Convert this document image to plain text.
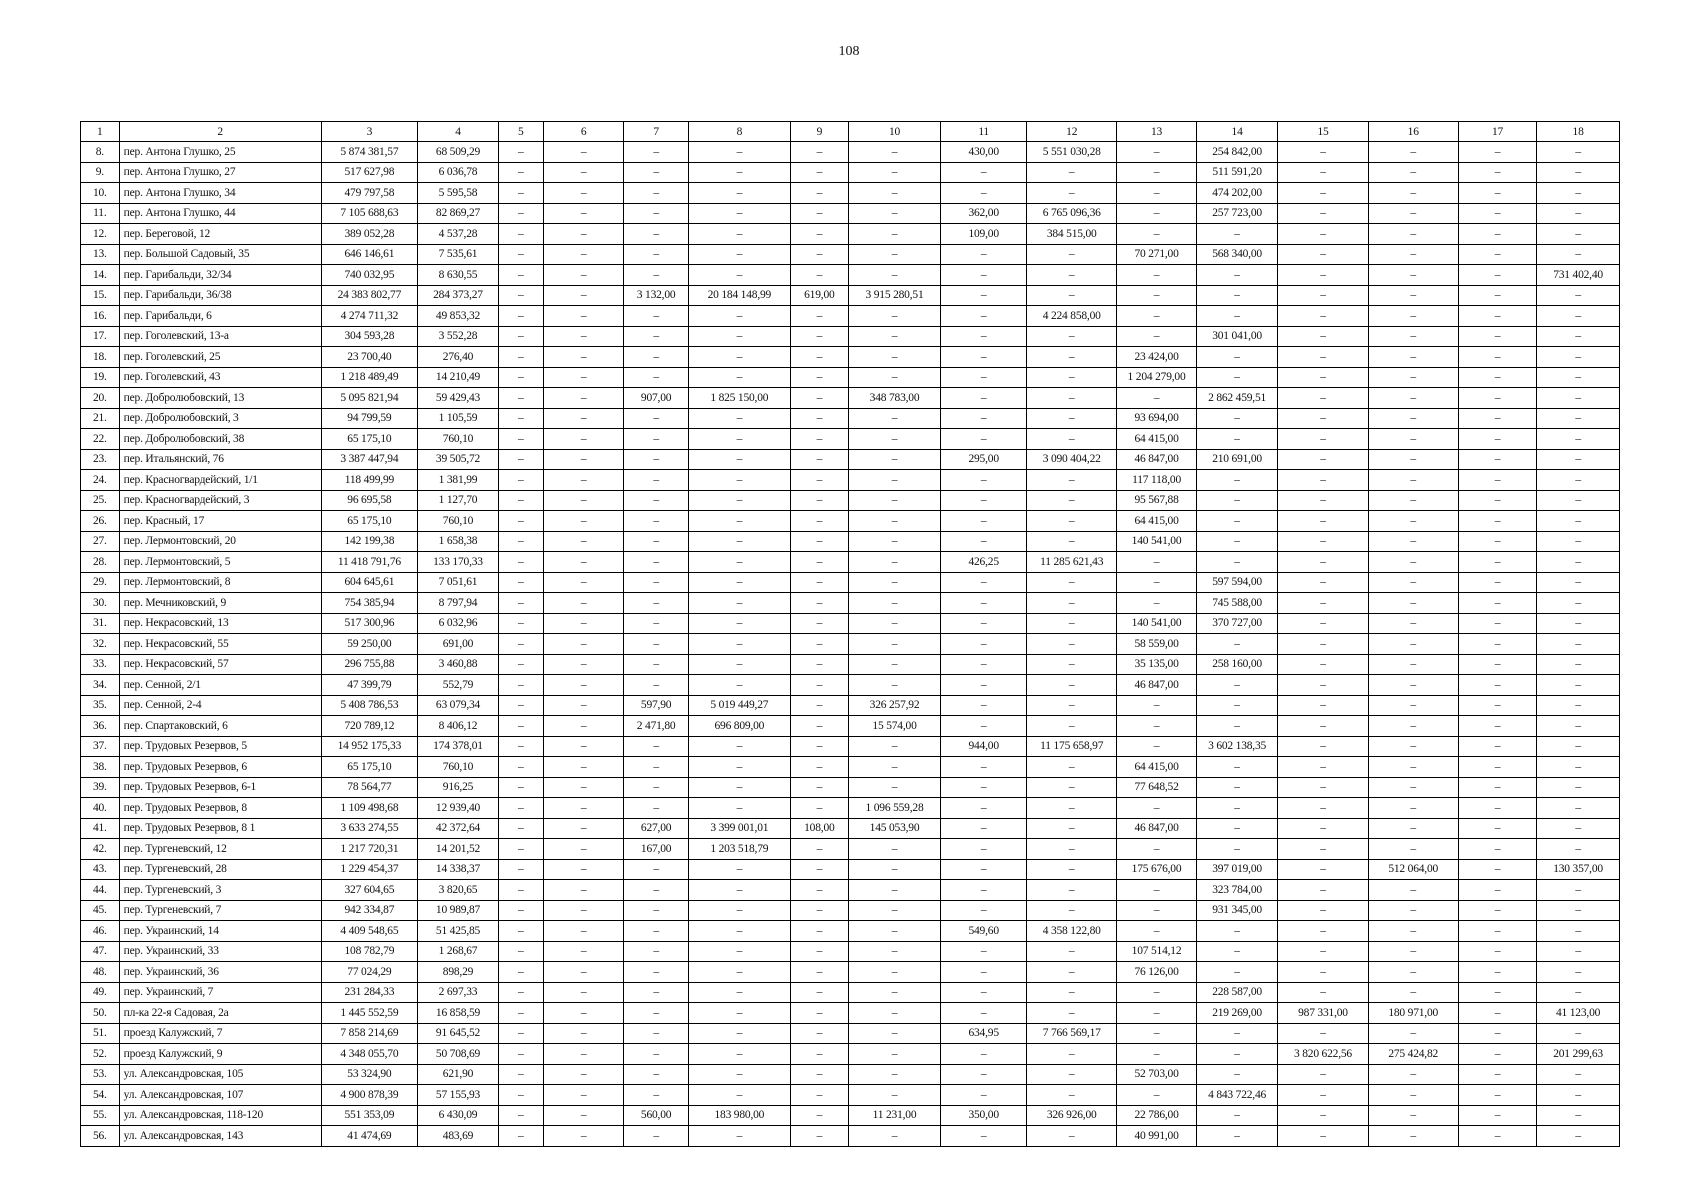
108
1	2	3	4	5	6	7	8	9	10	11	12	13	14	15	16	17	18
8.	пер. Антона Глушко, 25	5 874 381,57	68 509,29	–	–	–	–	–	–	430,00	5 551 030,28	–	254 842,00	–	–	–	–
9.	пер. Антона Глушко, 27	517 627,98	6 036,78	–	–	–	–	–	–	–	–	–	511 591,20	–	–	–	–
10.	пер. Антона Глушко, 34	479 797,58	5 595,58	–	–	–	–	–	–	–	–	–	474 202,00	–	–	–	–
11.	пер. Антона Глушко, 44	7 105 688,63	82 869,27	–	–	–	–	–	–	362,00	6 765 096,36	–	257 723,00	–	–	–	–
12.	пер. Береговой, 12	389 052,28	4 537,28	–	–	–	–	–	–	109,00	384 515,00	–	–	–	–	–	–
13.	пер. Большой Садовый, 35	646 146,61	7 535,61	–	–	–	–	–	–	–	–	70 271,00	568 340,00	–	–	–	–
14.	пер. Гарибальди, 32/34	740 032,95	8 630,55	–	–	–	–	–	–	–	–	–	–	–	–	–	731 402,40
15.	пер. Гарибальди, 36/38	24 383 802,77	284 373,27	–	–	3 132,00	20 184 148,99	619,00	3 915 280,51	–	–	–	–	–	–	–	–
16.	пер. Гарибальди, 6	4 274 711,32	49 853,32	–	–	–	–	–	–	–	4 224 858,00	–	–	–	–	–	–
17.	пер. Гоголевский, 13-а	304 593,28	3 552,28	–	–	–	–	–	–	–	–	–	301 041,00	–	–	–	–
18.	пер. Гоголевский, 25	23 700,40	276,40	–	–	–	–	–	–	–	–	23 424,00	–	–	–	–	–
19.	пер. Гоголевский, 43	1 218 489,49	14 210,49	–	–	–	–	–	–	–	–	1 204 279,00	–	–	–	–	–
20.	пер. Добролюбовский, 13	5 095 821,94	59 429,43	–	–	907,00	1 825 150,00	–	348 783,00	–	–	–	2 862 459,51	–	–	–	–
21.	пер. Добролюбовский, 3	94 799,59	1 105,59	–	–	–	–	–	–	–	–	93 694,00	–	–	–	–	–
22.	пер. Добролюбовский, 38	65 175,10	760,10	–	–	–	–	–	–	–	–	64 415,00	–	–	–	–	–
23.	пер. Итальянский, 76	3 387 447,94	39 505,72	–	–	–	–	–	–	295,00	3 090 404,22	46 847,00	210 691,00	–	–	–	–
24.	пер. Красногвардейский, 1/1	118 499,99	1 381,99	–	–	–	–	–	–	–	–	117 118,00	–	–	–	–	–
25.	пер. Красногвардейский, 3	96 695,58	1 127,70	–	–	–	–	–	–	–	–	95 567,88	–	–	–	–	–
26.	пер. Красный, 17	65 175,10	760,10	–	–	–	–	–	–	–	–	64 415,00	–	–	–	–	–
27.	пер. Лермонтовский, 20	142 199,38	1 658,38	–	–	–	–	–	–	–	–	140 541,00	–	–	–	–	–
28.	пер. Лермонтовский, 5	11 418 791,76	133 170,33	–	–	–	–	–	–	426,25	11 285 621,43	–	–	–	–	–	–
29.	пер. Лермонтовский, 8	604 645,61	7 051,61	–	–	–	–	–	–	–	–	–	597 594,00	–	–	–	–
30.	пер. Мечниковский, 9	754 385,94	8 797,94	–	–	–	–	–	–	–	–	–	745 588,00	–	–	–	–
31.	пер. Некрасовский, 13	517 300,96	6 032,96	–	–	–	–	–	–	–	–	140 541,00	370 727,00	–	–	–	–
32.	пер. Некрасовский, 55	59 250,00	691,00	–	–	–	–	–	–	–	–	58 559,00	–	–	–	–	–
33.	пер. Некрасовский, 57	296 755,88	3 460,88	–	–	–	–	–	–	–	–	35 135,00	258 160,00	–	–	–	–
34.	пер. Сенной, 2/1	47 399,79	552,79	–	–	–	–	–	–	–	–	46 847,00	–	–	–	–	–
35.	пер. Сенной, 2-4	5 408 786,53	63 079,34	–	–	597,90	5 019 449,27	–	326 257,92	–	–	–	–	–	–	–	–
36.	пер. Спартаковский, 6	720 789,12	8 406,12	–	–	2 471,80	696 809,00	–	15 574,00	–	–	–	–	–	–	–	–
37.	пер. Трудовых Резервов, 5	14 952 175,33	174 378,01	–	–	–	–	–	–	944,00	11 175 658,97	–	3 602 138,35	–	–	–	–
38.	пер. Трудовых Резервов, 6	65 175,10	760,10	–	–	–	–	–	–	–	–	64 415,00	–	–	–	–	–
39.	пер. Трудовых Резервов, 6-1	78 564,77	916,25	–	–	–	–	–	–	–	–	77 648,52	–	–	–	–	–
40.	пер. Трудовых Резервов, 8	1 109 498,68	12 939,40	–	–	–	–	–	1 096 559,28	–	–	–	–	–	–	–	–
41.	пер. Трудовых Резервов, 8 1	3 633 274,55	42 372,64	–	–	627,00	3 399 001,01	108,00	145 053,90	–	–	46 847,00	–	–	–	–	–
42.	пер. Тургеневский, 12	1 217 720,31	14 201,52	–	–	167,00	1 203 518,79	–	–	–	–	–	–	–	–	–	–
43.	пер. Тургеневский, 28	1 229 454,37	14 338,37	–	–	–	–	–	–	–	–	175 676,00	397 019,00	–	512 064,00	–	130 357,00
44.	пер. Тургеневский, 3	327 604,65	3 820,65	–	–	–	–	–	–	–	–	–	323 784,00	–	–	–	–
45.	пер. Тургеневский, 7	942 334,87	10 989,87	–	–	–	–	–	–	–	–	–	931 345,00	–	–	–	–
46.	пер. Украинский, 14	4 409 548,65	51 425,85	–	–	–	–	–	–	549,60	4 358 122,80	–	–	–	–	–	–
47.	пер. Украинский, 33	108 782,79	1 268,67	–	–	–	–	–	–	–	–	107 514,12	–	–	–	–	–
48.	пер. Украинский, 36	77 024,29	898,29	–	–	–	–	–	–	–	–	76 126,00	–	–	–	–	–
49.	пер. Украинский, 7	231 284,33	2 697,33	–	–	–	–	–	–	–	–	–	228 587,00	–	–	–	–
50.	пл-ка 22-я Садовая, 2а	1 445 552,59	16 858,59	–	–	–	–	–	–	–	–	–	219 269,00	987 331,00	180 971,00	–	41 123,00
51.	проезд Калужский, 7	7 858 214,69	91 645,52	–	–	–	–	–	–	634,95	7 766 569,17	–	–	–	–	–	–
52.	проезд Калужский, 9	4 348 055,70	50 708,69	–	–	–	–	–	–	–	–	–	–	3 820 622,56	275 424,82	–	201 299,63
53.	ул. Александровская, 105	53 324,90	621,90	–	–	–	–	–	–	–	–	52 703,00	–	–	–	–	–
54.	ул. Александровская, 107	4 900 878,39	57 155,93	–	–	–	–	–	–	–	–	–	4 843 722,46	–	–	–	–
55.	ул. Александровская, 118-120	551 353,09	6 430,09	–	–	560,00	183 980,00	–	11 231,00	350,00	326 926,00	22 786,00	–	–	–	–	–
56.	ул. Александровская, 143	41 474,69	483,69	–	–	–	–	–	–	–	–	40 991,00	–	–	–	–	–
